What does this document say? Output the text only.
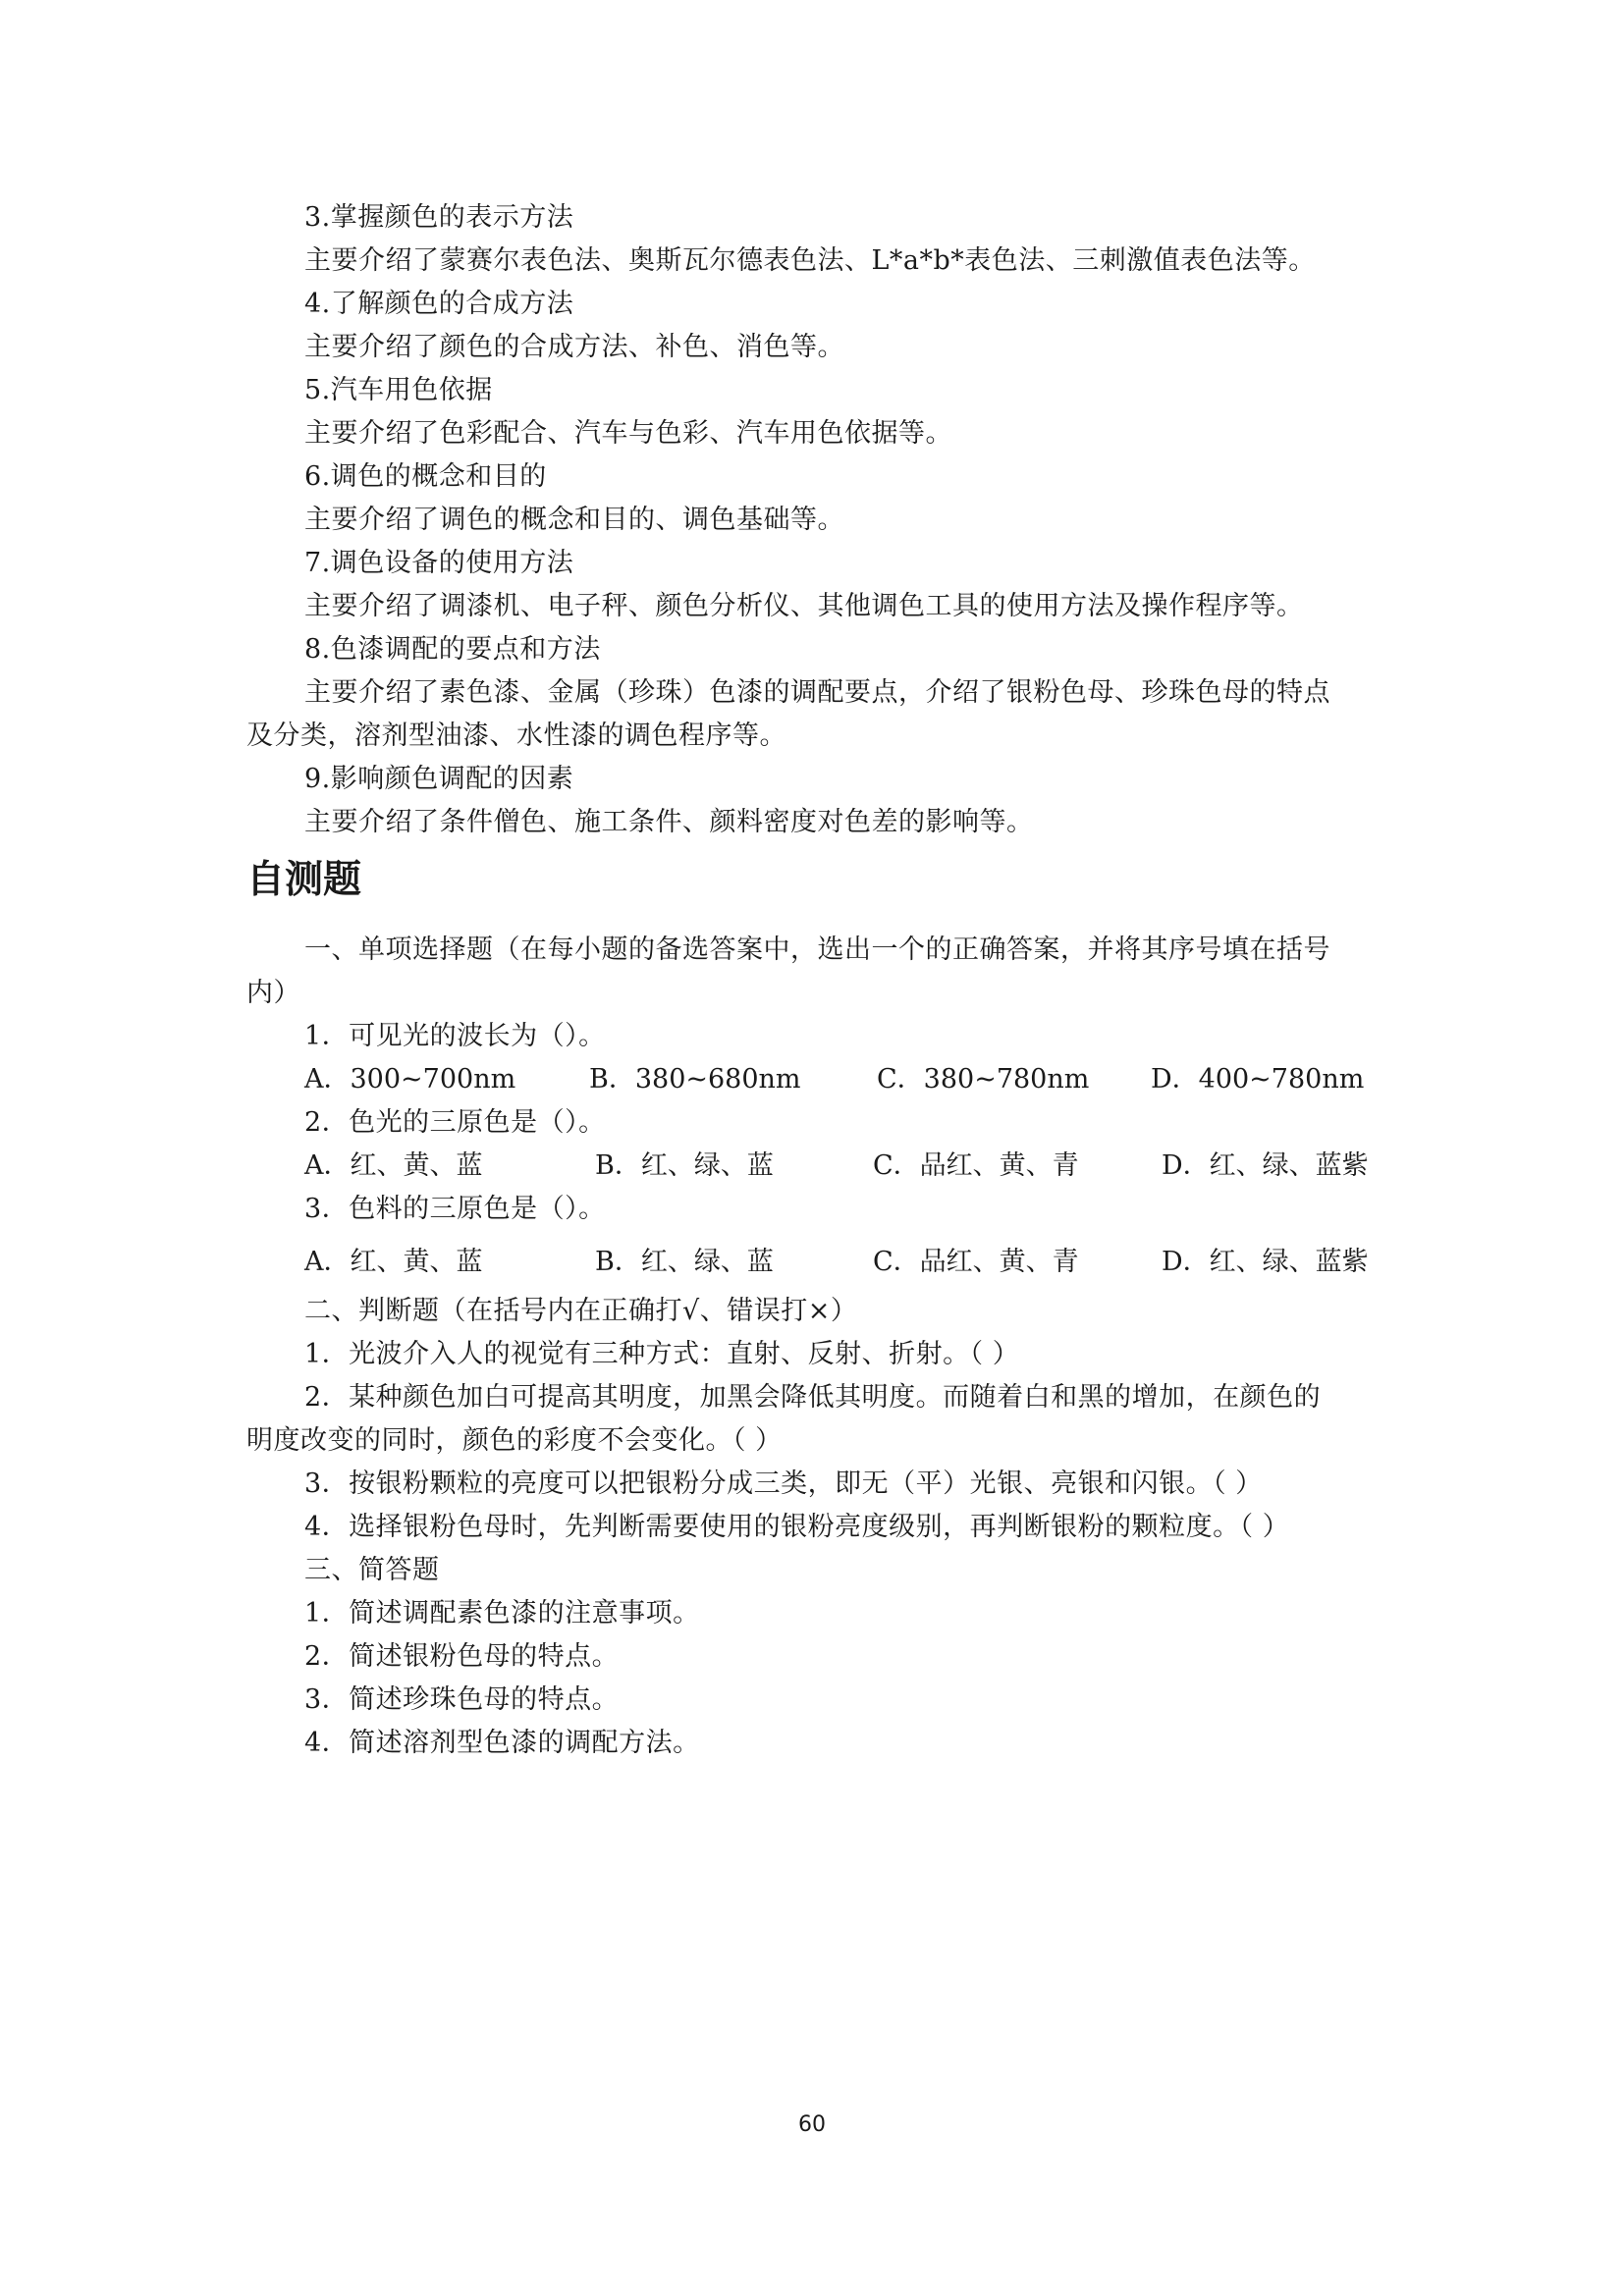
3.掌握颜色的表示方法

主要介绍了蒙赛尔表色法、奥斯瓦尔德表色法、L*a*b*表色法、三刺激值表色法等。

4.了解颜色的合成方法

主要介绍了颜色的合成方法、补色、消色等。

5.汽车用色依据

主要介绍了色彩配合、汽车与色彩、汽车用色依据等。

6.调色的概念和目的

主要介绍了调色的概念和目的、调色基础等。

7.调色设备的使用方法

主要介绍了调漆机、电子秤、颜色分析仪、其他调色工具的使用方法及操作程序等。

8.色漆调配的要点和方法

主要介绍了素色漆、金属（珍珠）色漆的调配要点，介绍了银粉色母、珍珠色母的特点

及分类，溶剂型油漆、水性漆的调色程序等。

9.影响颜色调配的因素

主要介绍了条件僧色、施工条件、颜料密度对色差的影响等。

自测题

一、单项选择题（在每小题的备选答案中，选出一个的正确答案，并将其序号填在括号

内）

1．可见光的波长为（）。

A．300~700nm	B．380~680nm	C．380~780nm D．400~780nm

2．色光的三原色是（）。

A．红、黄、蓝	B．红、绿、蓝	C．品红、黄、青	D．红、绿、蓝紫

3．色料的三原色是（）。

A．红、黄、蓝	B．红、绿、蓝	C．品红、黄、青	D．红、绿、蓝紫

二、判断题（在括号内在正确打√、错误打×）

1．光波介入人的视觉有三种方式：直射、反射、折射。（ ）

2．某种颜色加白可提高其明度，加黑会降低其明度。而随着白和黑的增加，在颜色的

明度改变的同时，颜色的彩度不会变化。（ ）

3．按银粉颗粒的亮度可以把银粉分成三类，即无（平）光银、亮银和闪银。（ ）

4．选择银粉色母时，先判断需要使用的银粉亮度级别，再判断银粉的颗粒度。（ ）

三、简答题

1．简述调配素色漆的注意事项。

2．简述银粉色母的特点。

3．简述珍珠色母的特点。

4．简述溶剂型色漆的调配方法。

60
